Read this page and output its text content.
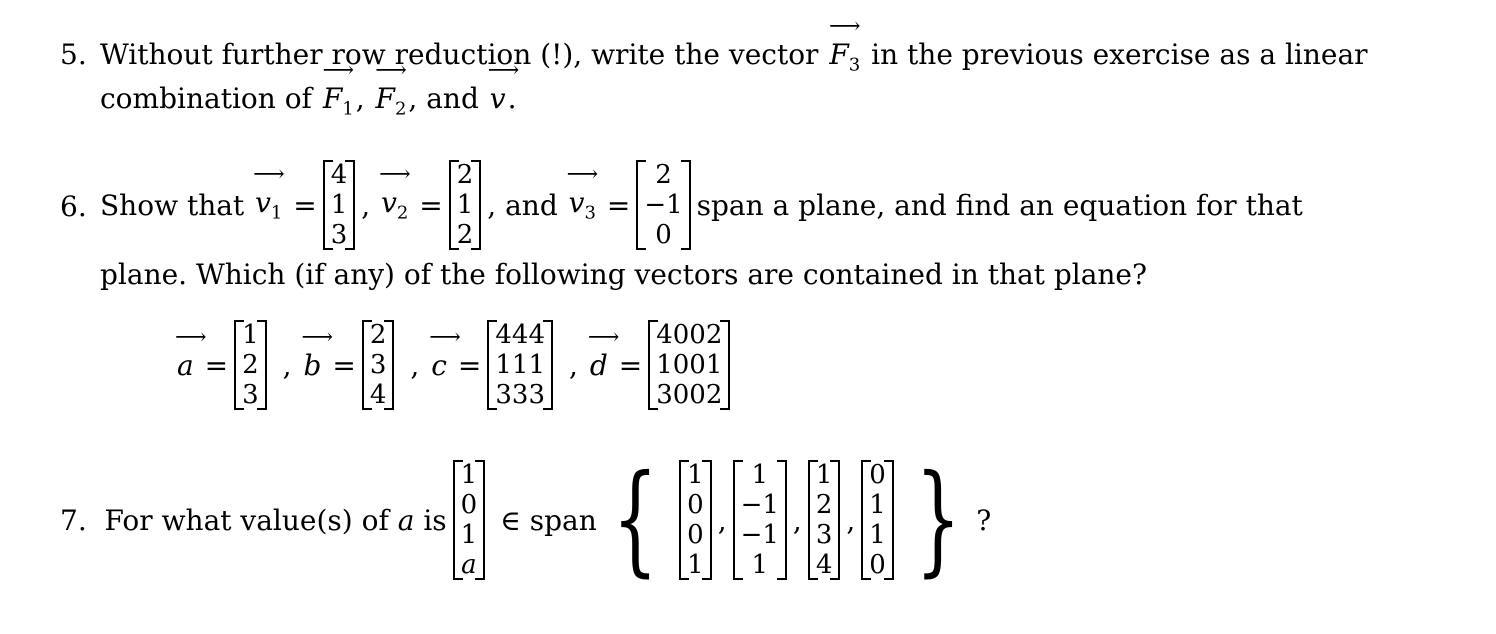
5. Without further row reduction (!), write the vector ⟶ $F_3$ in the previous exercise as a linear
combination of ⟶ $F_1$, ⟶ $F_2$, and ⟶ v.
6. Show that
⟶ $v_1$ =
4
1
3
, ⟶ $v_2$ =
2
1
2
, and
⟶ $v_3$ =
2
−1
0
span a plane, and find an equation for that
plane. Which (if any) of the following vectors are contained in that plane?
⟶ a =
1
2
3
, ⟶ b =
2
3
4
, ⟶ c =
444
111
333
, ⟶ d =
4002
1001
3002
7.
For what value(s) of
a
is
1
0
1
a

∈ span { 1
0
0
1
,
1
−1
−1
1
,
1
2
3
4
,
0
1
1
0 } ?
